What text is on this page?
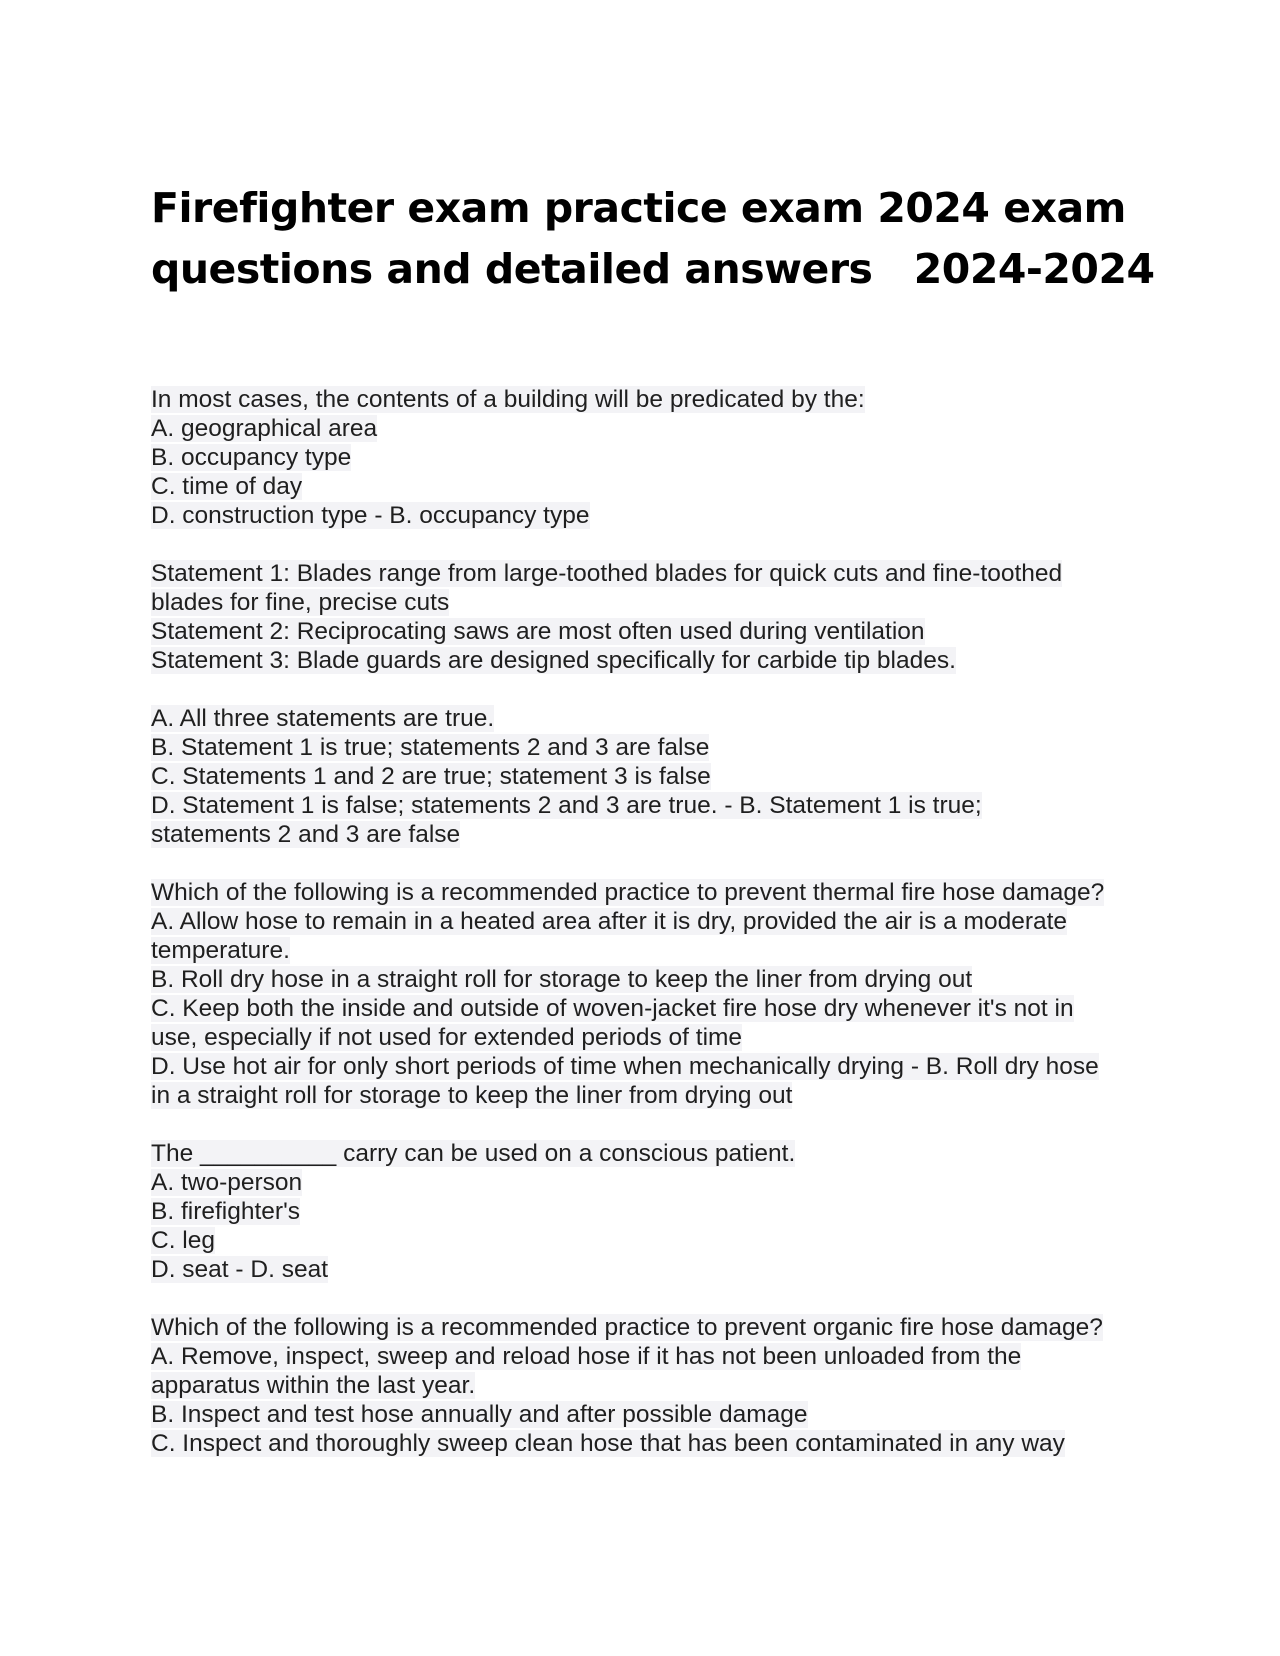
Firefighter exam practice exam 2024 exam
questions and detailed answers   2024-2024
In most cases, the contents of a building will be predicated by the:
A. geographical area
B. occupancy type
C. time of day
D. construction type - B. occupancy type
Statement 1: Blades range from large-toothed blades for quick cuts and fine-toothed
blades for fine, precise cuts
Statement 2: Reciprocating saws are most often used during ventilation
Statement 3: Blade guards are designed specifically for carbide tip blades.
A. All three statements are true.
B. Statement 1 is true; statements 2 and 3 are false
C. Statements 1 and 2 are true; statement 3 is false
D. Statement 1 is false; statements 2 and 3 are true. - B. Statement 1 is true;
statements 2 and 3 are false
Which of the following is a recommended practice to prevent thermal fire hose damage?
A. Allow hose to remain in a heated area after it is dry, provided the air is a moderate
temperature.
B. Roll dry hose in a straight roll for storage to keep the liner from drying out
C. Keep both the inside and outside of woven-jacket fire hose dry whenever it's not in
use, especially if not used for extended periods of time
D. Use hot air for only short periods of time when mechanically drying - B. Roll dry hose
in a straight roll for storage to keep the liner from drying out
The __________ carry can be used on a conscious patient.
A. two-person
B. firefighter's
C. leg
D. seat - D. seat
Which of the following is a recommended practice to prevent organic fire hose damage?
A. Remove, inspect, sweep and reload hose if it has not been unloaded from the
apparatus within the last year.
B. Inspect and test hose annually and after possible damage
C. Inspect and thoroughly sweep clean hose that has been contaminated in any way
